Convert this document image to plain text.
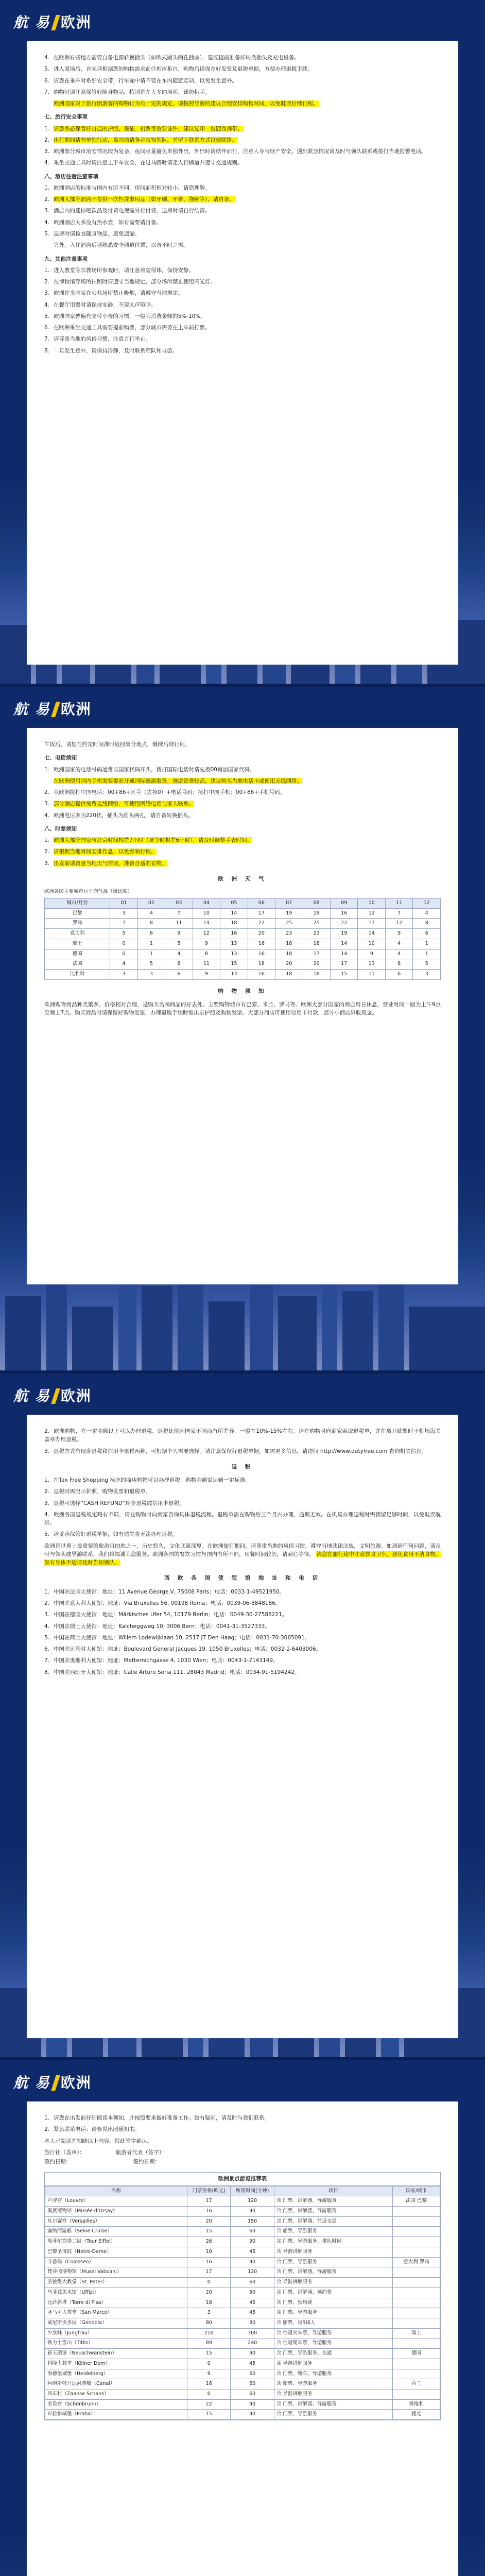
航 易 欧洲

4. 在欧洲有些地方需要自备电源转换插头（如欧式圆头两孔插座），建议提前准备好转换插头及充电设备。

5. 进入商场后，首先请根据您的购物需求前往相应柜台，购物后请保存好发票及退税单据，方便办理退税手续。

6. 请您在乘车时系好安全带，行车途中请不要在车内随意走动，以免发生意外。

7. 购物时请注意保管好随身物品，特别是在人多的场所，谨防扒手。

欧洲国家对于旅行团游客的购物行为有一定的规定，请按照导游的建议合理安排购物时间，以免耽误后续行程。

七、旅行安全事项

1. 请您务必保管好自己的护照、签证、机票等重要证件，建议复印一份随身携带。

2. 出行期间请勿单独行动，离团前请务必告知领队，并留下联系方式以便联络。

3. 欧洲部分城市治安情况较为复杂，夜间尽量避免单独外出，外出时请结伴而行，注意人身与财产安全。遇到紧急情况请及时与领队联系或拨打当地报警电话。

4. 乘坐交通工具时请注意上下车安全，在过马路时请走人行横道并遵守交通规则。

八、酒店住宿注意事项

1. 欧洲酒店的标准与国内有所不同，房间面积相对较小，请您理解。

2. 欧洲大部分酒店不提供一次性洗漱用品（如牙刷、牙膏、拖鞋等），请自备。

3. 酒店内的迷你吧饮品及付费电视需另行付费，退房时请自行结清。

4. 欧洲酒店大多没有热水壶，如有需要请自备。

5. 退房时请检查随身物品，避免遗漏。

另外，入住酒店后请熟悉安全通道位置，以备不时之需。

九、其他注意事项

1. 进入教堂等宗教场所参观时，请注意着装得体，保持安静。

2. 在博物馆等场所拍照时请遵守当地规定，部分场所禁止使用闪光灯。

3. 欧洲许多国家在公共场所禁止吸烟，请遵守当地规定。

4. 在餐厅用餐时请保持安静，不要大声喧哗。

5. 欧洲国家普遍有支付小费的习惯，一般为消费金额的5%-10%。

6. 在欧洲乘坐交通工具需要提前购票，部分城市需要在上车前打票。

7. 请尊重当地的风俗习惯，注意言行举止。

8. 一旦发生意外，请保持冷静，及时联系领队和导游。

航 易 欧洲

午饭后，请您在约定时间准时返回集合地点，继续后续行程。

七、电话须知

1. 欧洲国家的电话号码通常以国家代码开头，拨打国际电话时请先拨00再加国家代码。

在欧洲使用国内手机需要提前开通国际漫游服务，漫游资费较高，建议购买当地电话卡或使用无线网络。

2. 从欧洲拨打中国电话：00+86+区号（去掉0）+电话号码；拨打中国手机：00+86+手机号码。

3. 部分酒店提供免费无线网络，可使用网络电话与家人联系。

4. 欧洲电压多为220伏，插头为圆头两孔，请自备转换插头。

八、时差须知

1. 欧洲大部分国家与北京时间相差7小时（夏令时相差6小时），请及时调整手表时间。

2. 请根据当地时间安排作息，以免影响行程。

3. 出发前请留意当地天气情况，准备合适的衣物。

欧 洲 天 气
欧洲各国主要城市月平均气温（摄氏度）
城市/月份	01	02	03	04	05	06	07	08	09	10	11	12
巴黎	3	4	7	10	14	17	19	19	16	12	7	4
罗马	7	8	11	14	18	22	25	25	22	17	12	8
意大利	5	6	9	12	16	20	23	23	19	14	9	6
瑞士	0	1	5	9	13	16	18	18	14	10	4	1
德国	0	1	4	8	13	16	18	17	14	9	4	1
法国	4	5	8	11	15	18	20	20	17	13	8	5
比利时	3	3	6	9	13	16	18	18	15	11	6	3
购 物 须 知

欧洲购物商品种类繁多，价格相对合理，是购买名牌商品的好去处。主要购物城市有巴黎、米兰、罗马等。欧洲大部分国家的商店周日休息，营业时间一般为上午9点至晚上7点。购买商品时请保留好购物发票，办理退税手续时需出示护照及购物发票。大部分商店可使用信用卡付款，部分小商店只收现金。

航 易 欧洲

2. 欧洲购物，在一定金额以上可以办理退税，退税比例因国家不同而有所差异，一般在10%-15%左右。请在购物时向商家索取退税单，并在离开欧盟时于机场海关盖章办理退税。

3. 退税方式有现金退税和信用卡退税两种，可根据个人需要选择。请注意保留好退税单据。如需更多信息，请访问 http://www.dutyfree.com 查询相关信息。

退 税

1. 在Tax Free Shopping 标志的商店购物可以办理退税，购物金额需达到一定标准。

2. 退税时需出示护照、购物发票和退税单。

3. 退税可选择“CASH REFUND”现金退税或信用卡退税。

4. 欧洲各国退税规定略有不同，请在购物时向商家咨询具体退税流程。退税单需在购物后三个月内办理，逾期无效。在机场办理退税时需预留足够时间，以免耽误航班。

5. 请妥善保管好退税单据，如有遗失将无法办理退税。

欧洲是世界上最重要的旅游目的地之一，历史悠久，文化底蕴深厚。在欧洲旅行期间，请尊重当地的风俗习惯，遵守当地法律法规，文明旅游。如遇到任何问题，请及时与领队或导游联系，我们将竭诚为您服务。欧洲各国的餐饮习惯与国内有所不同，用餐时间较长，请耐心等待。 请您在旅行途中注意饮食卫生，避免食用不洁食物，如有身体不适请及时告知领队。

西 欧 各 国 使 领 馆 地 址 和 电 话

1. 中国驻法国大使馆：地址：11 Avenue George V, 75008 Paris；电话：0033-1-49521950。

2. 中国驻意大利大使馆：地址：Via Bruxelles 56, 00198 Roma；电话：0039-06-8848186。

3. 中国驻德国大使馆：地址：Märkisches Ufer 54, 10179 Berlin；电话：0049-30-27588221。

4. 中国驻瑞士大使馆：地址：Kalcheggweg 10, 3006 Bern；电话：0041-31-3527333。

5. 中国驻荷兰大使馆：地址：Willem Lodewijklaan 10, 2517 JT Den Haag；电话：0031-70-3065091。

6. 中国驻比利时大使馆：地址：Boulevard General Jacques 19, 1050 Bruxelles；电话：0032-2-6403006。

7. 中国驻奥地利大使馆：地址：Metternichgasse 4, 1030 Wien；电话：0043-1-7143149。

8. 中国驻西班牙大使馆：地址：Calle Arturo Soria 111, 28043 Madrid；电话：0034-91-5194242。

航 易 欧洲

1. 请您在出发前仔细阅读本须知，并按照要求做好准备工作。如有疑问，请及时与我们联系。

2. 紧急联系电话：请参见出团通知书。

本人已阅读并知晓以上内容，特此签字确认。

旅行社（盖章）：	旅游者代表（签字）：
签约日期：	签约日期：
欧洲景点游览推荐表
名称	门票价格(欧元)	所需时间(分钟)	项目	国家/城市
卢浮宫（Louvre）	17	120	含 门票、讲解器、导游服务	法国 巴黎
奥赛博物馆（Musée d'Orsay）	16	90	含 门票、讲解器、导游服务	
凡尔赛宫（Versailles）	20	150	含 门票、讲解器、往返交通	
塞纳河游船（Seine Cruise）	15	60	含 船票、导游服务	
埃菲尔铁塔二层（Tour Eiffel）	26	90	含 门票、导游服务、排队时间	
巴黎圣母院（Notre-Dame）	10	45	含 导游讲解服务	
斗兽场（Colosseo）	16	90	含 门票、导游服务	意大利 罗马
梵蒂冈博物馆（Musei Vaticani）	17	120	含 门票、讲解器、导游服务	
圣彼得大教堂（St. Peter）	0	60	含 导游讲解服务	
乌菲兹美术馆（Uffizi）	20	90	含 门票、讲解器、预约费	
比萨斜塔（Torre di Pisa）	18	45	含 门票、预约费	
圣马可大教堂（San Marco）	3	45	含 门票、导游服务	
威尼斯贡多拉（Gondola）	80	30	含 船票，每船6人	
少女峰（Jungfrau）	210	300	含 往返火车票、导游服务	瑞士
铁力士雪山（Titlis）	89	240	含 往返缆车票、导游服务	
新天鹅堡（Neuschwanstein）	15	90	含 门票、导游服务、交通	德国
科隆大教堂（Kölner Dom）	0	45	含 导游讲解服务	
海德堡城堡（Heidelberg）	9	60	含 门票、缆车、导游服务	
阿姆斯特丹运河游船（Canal）	16	60	含 船票、导游服务	荷兰
风车村（Zaanse Schans）	0	60	含 导游讲解服务	
美泉宫（Schönbrunn）	22	90	含 门票、讲解器、导游服务	奥地利
布拉格城堡（Praha）	15	90	含 门票、导游服务	捷克
